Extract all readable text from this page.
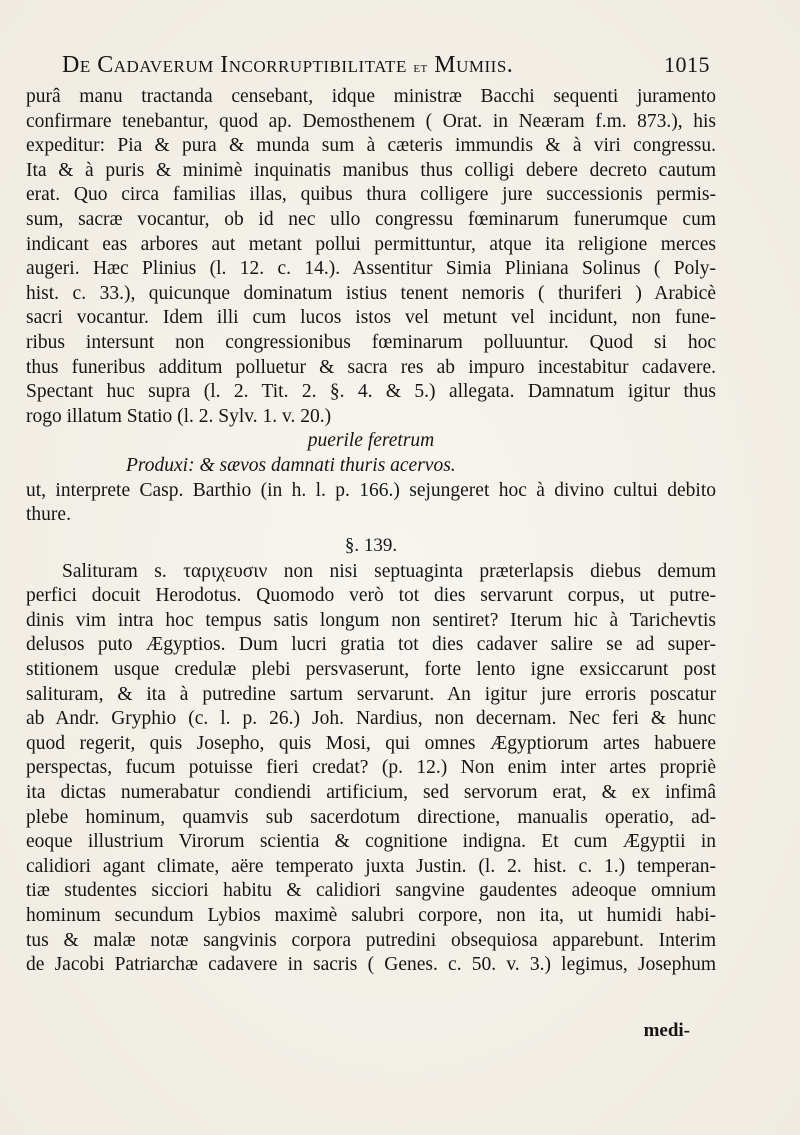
De Cadaverum Incorruptibilitate et Mumiis.	1015
purâ manu tractanda censebant, idque ministræ Bacchi sequenti juramento
confirmare tenebantur, quod ap. Demosthenem ( Orat. in Neæram f.m. 873.), his
expeditur: Pia & pura & munda sum à cæteris immundis & à viri congressu.
Ita & à puris & minimè inquinatis manibus thus colligi debere decreto cautum
erat. Quo circa familias illas, quibus thura colligere jure successionis permis-
sum, sacræ vocantur, ob id nec ullo congressu fœminarum funerumque cum
indicant eas arbores aut metant pollui permittuntur, atque ita religione merces
augeri. Hæc Plinius (l. 12. c. 14.). Assentitur Simia Pliniana Solinus ( Poly-
hist. c. 33.), quicunque dominatum istius tenent nemoris ( thuriferi ) Arabicè
sacri vocantur. Idem illi cum lucos istos vel metunt vel incidunt, non fune-
ribus intersunt non congressionibus fœminarum polluuntur. Quod si hoc
thus funeribus additum polluetur & sacra res ab impuro incestabitur cadavere.
Spectant huc supra (l. 2. Tit. 2. §. 4. & 5.) allegata. Damnatum igitur thus
rogo illatum Statio (l. 2. Sylv. 1. v. 20.)
puerile feretrum
Produxi: & sævos damnati thuris acervos.
ut, interprete Casp. Barthio (in h. l. p. 166.) sejungeret hoc à divino cultui debito
thure.
§. 139.
Salituram s. ταριχευσιν non nisi septuaginta præterlapsis diebus demum
perfici docuit Herodotus. Quomodo verò tot dies servarunt corpus, ut putre-
dinis vim intra hoc tempus satis longum non sentiret? Iterum hic à Tarichevtis
delusos puto Ægyptios. Dum lucri gratia tot dies cadaver salire se ad super-
stitionem usque credulæ plebi persvaserunt, forte lento igne exsiccarunt post
salituram, & ita à putredine sartum servarunt. An igitur jure erroris poscatur
ab Andr. Gryphio (c. l. p. 26.) Joh. Nardius, non decernam. Nec feri & hunc
quod regerit, quis Josepho, quis Mosi, qui omnes Ægyptiorum artes habuere
perspectas, fucum potuisse fieri credat? (p. 12.) Non enim inter artes propriè
ita dictas numerabatur condiendi artificium, sed servorum erat, & ex infimâ
plebe hominum, quamvis sub sacerdotum directione, manualis operatio, ad-
eoque illustrium Virorum scientia & cognitione indigna. Et cum Ægyptii in
calidiori agant climate, aëre temperato juxta Justin. (l. 2. hist. c. 1.) temperan-
tiæ studentes sicciori habitu & calidiori sangvine gaudentes adeoque omnium
hominum secundum Lybios maximè salubri corpore, non ita, ut humidi habi-
tus & malæ notæ sangvinis corpora putredini obsequiosa apparebunt. Interim
de Jacobi Patriarchæ cadavere in sacris ( Genes. c. 50. v. 3.) legimus, Josephum
medi-
